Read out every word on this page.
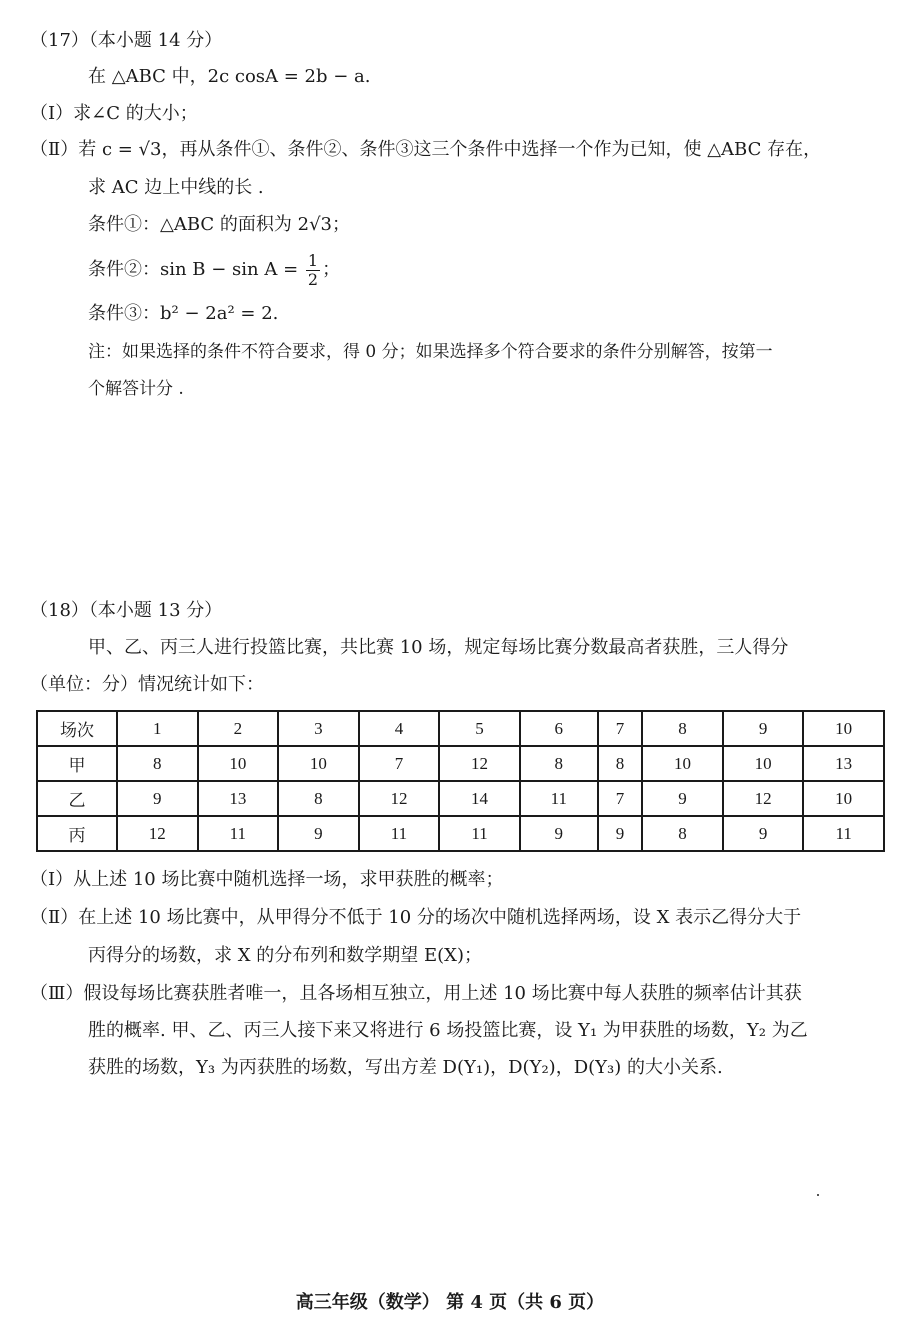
（17）（本小题 14 分）
在 △ABC 中，2c cosA = 2b − a.
（Ⅰ）求∠C 的大小；
（Ⅱ）若 c = √3，再从条件①、条件②、条件③这三个条件中选择一个作为已知，使 △ABC 存在，
求 AC 边上中线的长 .
条件①：△ABC 的面积为 2√3；
条件②：$\sin B - \sin A = \frac{1}{2}$ ；
条件③：b² − 2a² = 2.
注：如果选择的条件不符合要求，得 0 分；如果选择多个符合要求的条件分别解答，按第一
个解答计分 .
（18）（本小题 13 分）
甲、乙、丙三人进行投篮比赛，共比赛 10 场，规定每场比赛分数最高者获胜，三人得分
（单位：分）情况统计如下：
场次	1	2	3	4	5	6	7	8	9	10
甲	8	10	10	7	12	8	8	10	10	13
乙	9	13	8	12	14	11	7	9	12	10
丙	12	11	9	11	11	9	9	8	9	11
（Ⅰ）从上述 10 场比赛中随机选择一场，求甲获胜的概率；
（Ⅱ）在上述 10 场比赛中，从甲得分不低于 10 分的场次中随机选择两场，设 X 表示乙得分大于
丙得分的场数，求 X 的分布列和数学期望 E(X)；
（Ⅲ）假设每场比赛获胜者唯一，且各场相互独立，用上述 10 场比赛中每人获胜的频率估计其获
胜的概率. 甲、乙、丙三人接下来又将进行 6 场投篮比赛，设 Y₁ 为甲获胜的场数，Y₂ 为乙
获胜的场数，Y₃ 为丙获胜的场数，写出方差 D(Y₁)，D(Y₂)，D(Y₃) 的大小关系.
高三年级（数学） 第 4 页（共 6 页）
